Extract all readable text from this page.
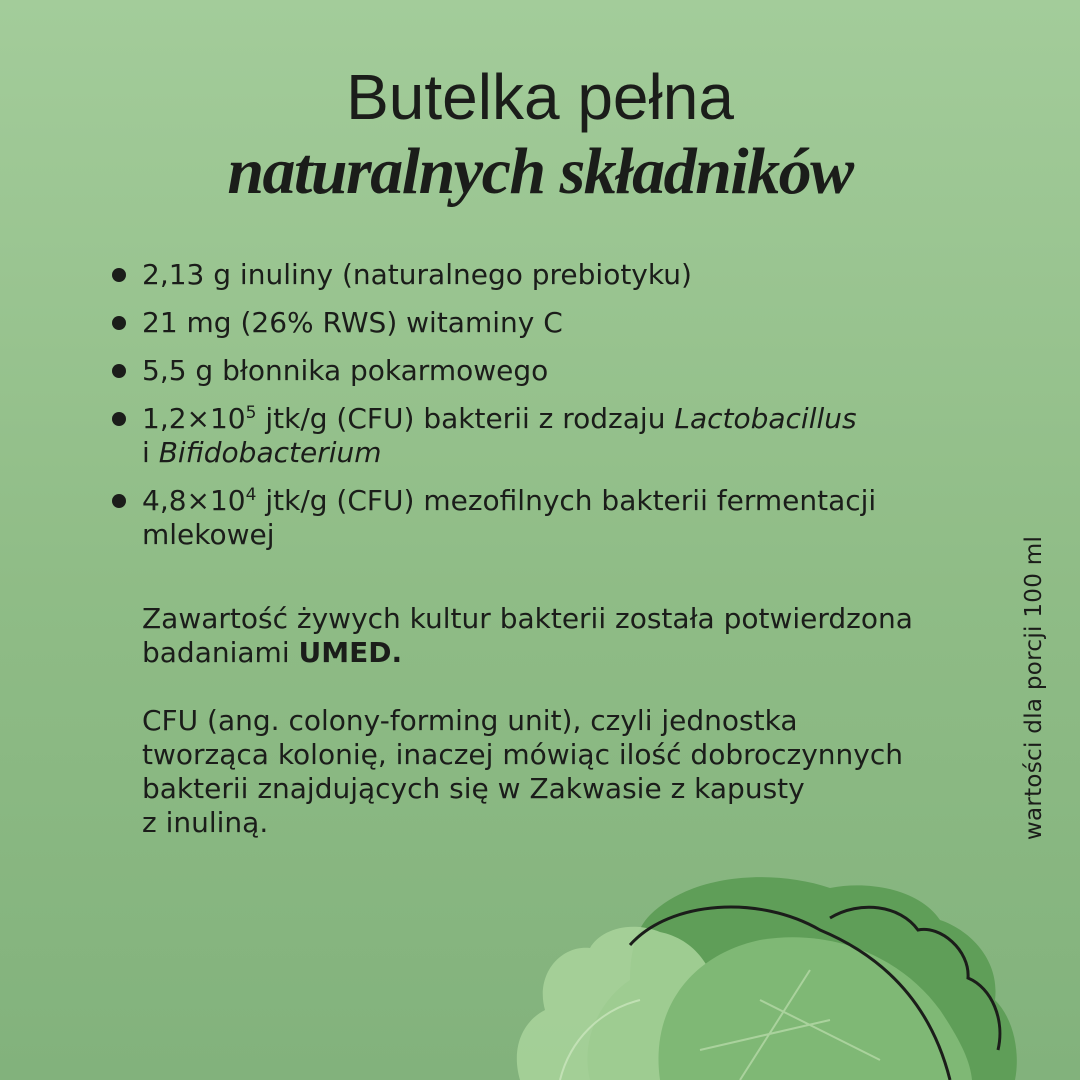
Butelka pełna
naturalnych składników
2,13 g inuliny (naturalnego prebiotyku)
21 mg (26% RWS) witaminy C
5,5 g błonnika pokarmowego
$1,2\times 10^5$ jtk/g (CFU) bakterii z rodzaju Lactobacillus
i Bifidobacterium
$4,8\times 10^4$ jtk/g (CFU) mezofilnych bakterii fermentacji mlekowej

Zawartość żywych kultur bakterii została potwierdzona badaniami UMED.

CFU (ang. colony-forming unit), czyli jednostka
tworząca kolonię, inaczej mówiąc ilość dobroczynnych
bakterii znajdujących się w Zakwasie z kapusty
z inuliną.	wartości dla porcji 100 ml
